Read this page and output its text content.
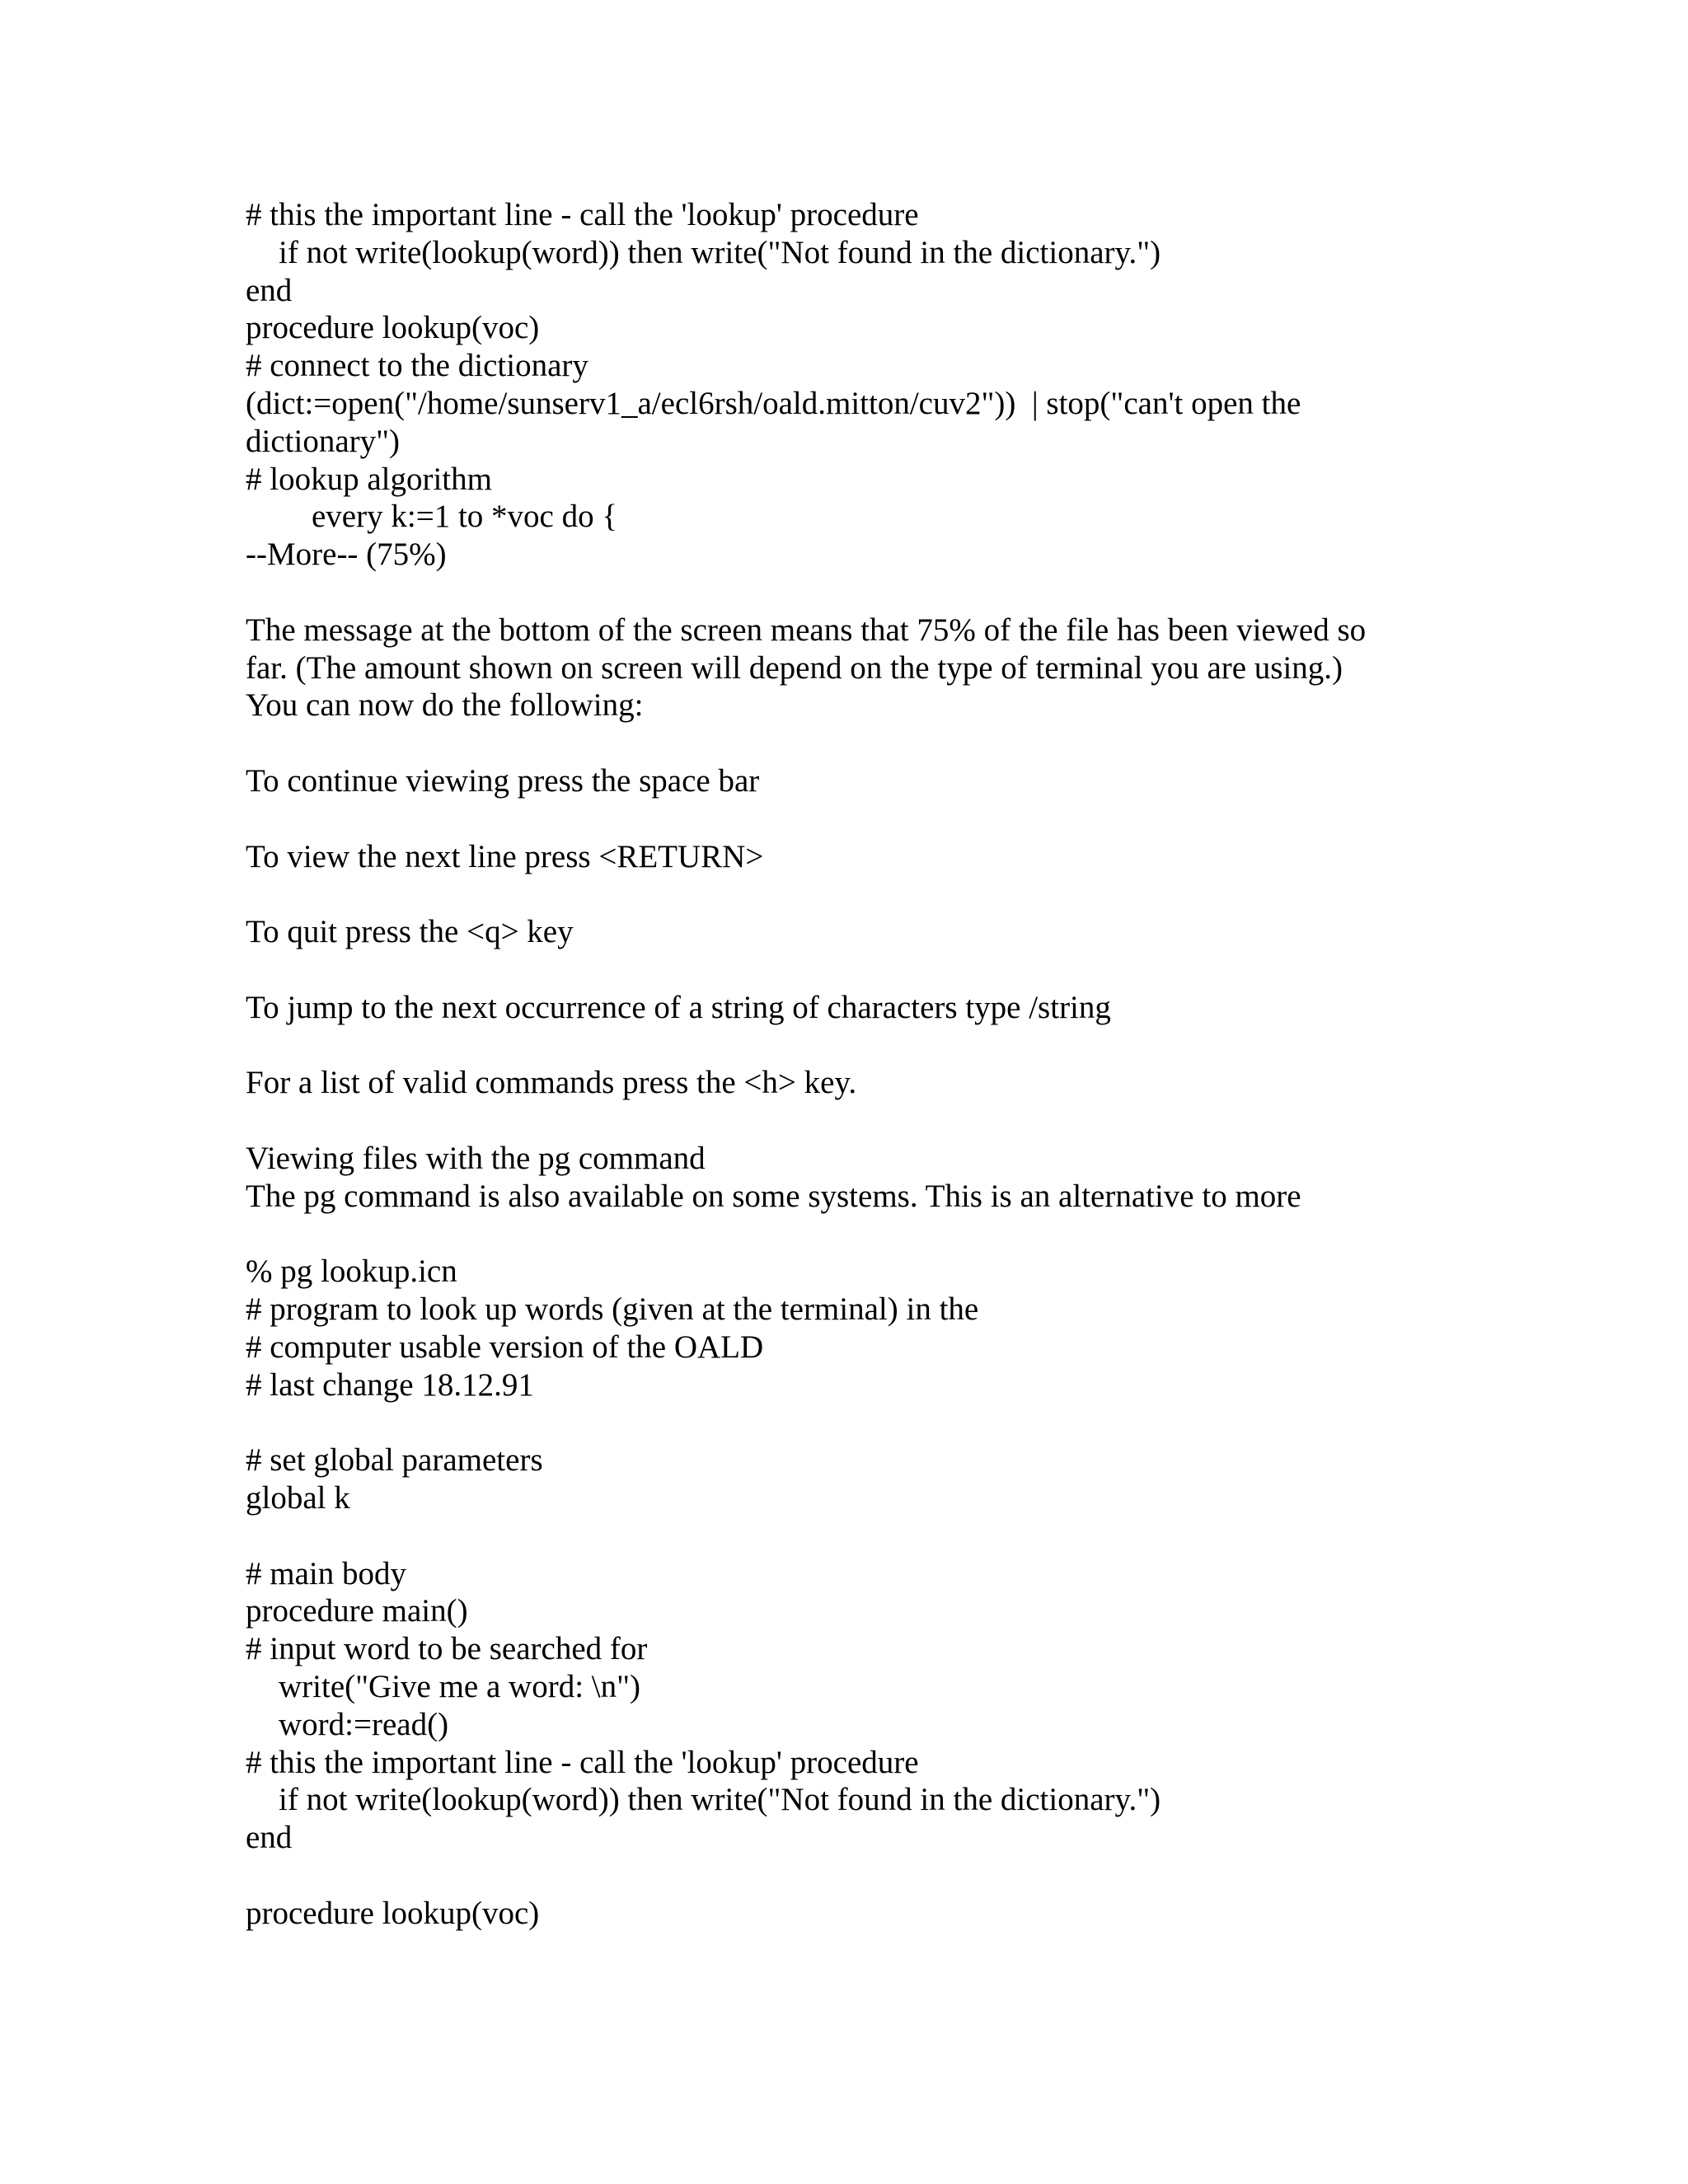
# this the important line - call the 'lookup' procedure
if not write(lookup(word)) then write("Not found in the dictionary.")
end
procedure lookup(voc)
# connect to the dictionary
(dict:=open("/home/sunserv1_a/ecl6rsh/oald.mitton/cuv2"))  | stop("can't open the
dictionary")
# lookup algorithm
every k:=1 to *voc do {
--More-- (75%)
The message at the bottom of the screen means that 75% of the file has been viewed so
far. (The amount shown on screen will depend on the type of terminal you are using.)
You can now do the following:
To continue viewing press the space bar
To view the next line press <RETURN>
To quit press the <q> key
To jump to the next occurrence of a string of characters type /string
For a list of valid commands press the <h> key.
Viewing files with the pg command
The pg command is also available on some systems. This is an alternative to more
% pg lookup.icn
# program to look up words (given at the terminal) in the
# computer usable version of the OALD
# last change 18.12.91
# set global parameters
global k
# main body
procedure main()
# input word to be searched for
write("Give me a word: \n")
word:=read()
# this the important line - call the 'lookup' procedure
if not write(lookup(word)) then write("Not found in the dictionary.")
end
procedure lookup(voc)
